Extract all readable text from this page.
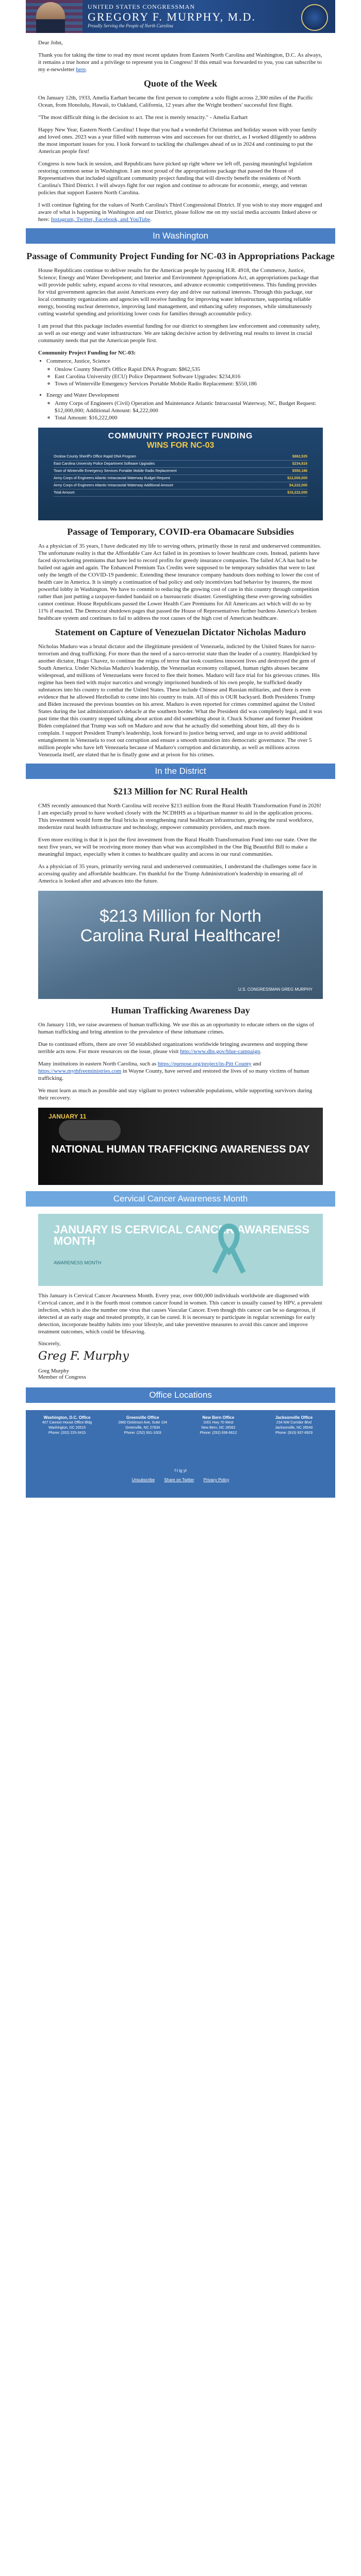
UNITED STATES CONGRESSMAN
GREGORY F. MURPHY, M.D.
Proudly Serving the People of North Carolina

Dear John,

Thank you for taking the time to read my most recent updates from Eastern North Carolina and Washington, D.C. As always, it remains a true honor and a privilege to represent you in Congress! If this email was forwarded to you, you can subscribe to my e-newsletter here.

Quote of the Week

On January 12th, 1933, Amelia Earhart became the first person to complete a solo flight across 2,300 miles of the Pacific Ocean, from Honolulu, Hawaii, to Oakland, California, 12 years after the Wright brothers' successful first flight.

"The most difficult thing is the decision to act. The rest is merely tenacity." - Amelia Earhart

Happy New Year, Eastern North Carolina! I hope that you had a wonderful Christmas and holiday season with your family and loved ones. 2023 was a year filled with numerous wins and successes for our district, as I worked diligently to address the most important issues for you. I look forward to tackling the challenges ahead of us in 2024 and continuing to put the American people first!

Congress is now back in session, and Republicans have picked up right where we left off, passing meaningful legislation restoring common sense in Washington. I am most proud of the appropriations package that passed the House of Representatives that included significant community project funding that will directly benefit the residents of North Carolina's Third District. I will always fight for our region and continue to advocate for economic, energy, and veteran policies that support Eastern North Carolina.

I will continue fighting for the values of North Carolina's Third Congressional District. If you wish to stay more engaged and aware of what is happening in Washington and our District, please follow me on my social media accounts linked above or here: Instagram, Twitter, Facebook, and YouTube.

In Washington
Passage of Community Project Funding for NC-03 in Appropriations Package

House Republicans continue to deliver results for the American people by passing H.R. 4918, the Commerce, Justice, Science; Energy and Water Development; and Interior and Environment Appropriations Act, an appropriations package that will provide public safety, expand access to vital resources, and advance economic competitiveness. This funding provides for vital government agencies that assist Americans every day and drive our national interests. Through this package, our local community organizations and agencies will receive funding for improving water infrastructure, supporting reliable energy, boosting nuclear deterrence, improving land management, and enhancing safety responses, while simultaneously cutting wasteful spending and prioritizing lower costs for families through accountable policy.

I am proud that this package includes essential funding for our district to strengthen law enforcement and community safety, as well as our energy and water infrastructure. We are taking decisive action by delivering real results to invest in crucial community needs that put the American people first.

Community Project Funding for NC-03:
• Commerce, Justice, Science
◦ Onslow County Sheriff's Office Rapid DNA Program: $862,535
◦ East Carolina University (ECU) Police Department Software Upgrades: $234,816
◦ Town of Winterville Emergency Services Portable Mobile Radio Replacement: $550,186
• Energy and Water Development
◦ Army Corps of Engineers (Civil) Operation and Maintenance Atlantic Intracoastal Waterway, NC, Budget Request: $12,000,000; Additional Amount: $4,222,000
◦ Total Amount: $16,222,000
COMMUNITY PROJECT FUNDING
WINS FOR NC-03
Onslow County Sheriff's Office Rapid DNA Program	$862,535
East Carolina University Police Department Software Upgrades	$234,816
Town of Winterville Emergency Services Portable Mobile Radio Replacement	$550,186
Army Corps of Engineers Atlantic Intracoastal Waterway Budget Request	$12,000,000
Army Corps of Engineers Atlantic Intracoastal Waterway Additional Amount	$4,222,000
Total Amount	$16,222,000
Passage of Temporary, COVID-era Obamacare Subsidies

As a physician of 35 years, I have dedicated my life to serving others, primarily those in rural and underserved communities. The unfortunate reality is that the Affordable Care Act failed in its promises to lower healthcare costs. Instead, patients have faced skyrocketing premiums that have led to record profits for greedy insurance companies. The failed ACA has had to be bailed out again and again. The Enhanced Premium Tax Credits were supposed to be temporary subsidies that were to last only the length of the COVID-19 pandemic. Extending these insurance company handouts does nothing to lower the cost of health care in America. It is simply a continuation of bad policy and only incentivizes bad behavior by insurers, the most powerful lobby in Washington. We have to commit to reducing the growing cost of care in this country through competition rather than just putting a taxpayer-funded bandaid on a bureaucratic disaster. Greenlighting these ever-growing subsidies cannot continue. House Republicans passed the Lower Health Care Premiums for All Americans act which will do so by 11% if enacted. The Democrat shutdown pages that passed the House of Representatives further burdens America's broken healthcare system and continues to fail to address the root causes of the high cost of American healthcare.

Statement on Capture of Venezuelan Dictator Nicholas Maduro

Nicholas Maduro was a brutal dictator and the illegitimate president of Venezuela, indicted by the United States for narco-terrorism and drug trafficking. For more than the need of a narco-terrorist state than the leader of a country. Handpicked by another dictator, Hugo Chavez, to continue the reigns of terror that took countless innocent lives and destroyed the gem of South America. Under Nicholas Maduro's leadership, the Venezuelan economy collapsed, human rights abuses became widespread, and millions of Venezuelans were forced to flee their homes. Maduro will face trial for his grievous crimes. His regime has been tied with major narcotics and wrongly imprisoned hundreds of his own people, he trafficked deadly substances into his country to combat the United States. These include Chinese and Russian militaries, and there is even evidence that he allowed Hezbollah to come into his country to train. All of this is OUR backyard. Both Presidents Trump and Biden increased the previous bounties on his arrest. Maduro is even reported for crimes committed against the United States during the last administration's debacle at the southern border. What the President did was completely legal, and it was past time that this country stopped talking about action and did something about it. Chuck Schumer and former President Biden complained that Trump was soft on Maduro and now that he actually did something about him, all they do is complain. I support President Trump's leadership, look forward to justice being served, and urge us to avoid additional entanglement in Venezuela to root out corruption and ensure a smooth transition into democratic governance. The over 5 million people who have left Venezuela because of Maduro's corruption and dictatorship, as well as millions across Venezuela itself, are elated that he is finally gone and at prison for his crimes.

In the District
$213 Million for NC Rural Health

CMS recently announced that North Carolina will receive $213 million from the Rural Health Transformation Fund in 2026! I am especially proud to have worked closely with the NCDHHS as a bipartisan manner to aid in the application process. This investment would form the final bricks in strengthening rural healthcare infrastructure, growing the rural workforce, modernize rural health infrastructure and technology, empower community providers, and much more.

Even more exciting is that it is just the first investment from the Rural Health Transformation Fund into our state. Over the next five years, we will be receiving more money than what was accomplished in the One Big Beautiful Bill to make a meaningful impact, especially when it comes to healthcare quality and access in our rural communities.

As a physician of 35 years, primarily serving rural and underserved communities, I understand the challenges some face in accessing quality and affordable healthcare. I'm thankful for the Trump Administration's leadership in ensuring all of America is looked after and advances into the future.

$213 Million for North Carolina Rural Healthcare!
U.S. CONGRESSMAN GREG MURPHY
Human Trafficking Awareness Day

On January 11th, we raise awareness of human trafficking. We use this as an opportunity to educate others on the signs of human trafficking and bring attention to the prevalence of these inhumane crimes.

Due to continued efforts, there are over 50 established organizations worldwide bringing awareness and stopping these terrible acts now. For more resources on the issue, please visit http://www.dhs.gov/blue-campaign.

Many institutions in eastern North Carolina, such as https://purpose.org/project/in-Pitt County and https://www.mythfreeministries.com in Wayne County, have served and restored the lives of so many victims of human trafficking.

We must learn as much as possible and stay vigilant to protect vulnerable populations, while supporting survivors during their recovery.

JANUARY 11
NATIONAL HUMAN TRAFFICKING AWARENESS DAY
Cervical Cancer Awareness Month
JANUARY IS CERVICAL CANCER AWARENESS MONTH
AWARENESS MONTH

This January is Cervical Cancer Awareness Month. Every year, over 600,000 individuals worldwide are diagnosed with Cervical cancer, and it is the fourth most common cancer found in women. This cancer is usually caused by HPV, a prevalent infection, which is also the number one virus that causes Vascular Cancer. Even though this cancer can be so dangerous, if detected at an early stage and treated promptly, it can be cured. It is necessary to participate in regular screenings for early detection, incorporate healthy habits into your lifestyle, and take preventive measures to avoid this cancer and improve treatment outcomes, which could be lifesaving.

Sincerely,
Greg F. Murphy
Greg Murphy
Member of Congress
Office Locations
Washington, D.C. Office
407 Cannon House Office Bldg
Washington, DC 20515
Phone: (202) 225-3415
Greenville Office
2860 Dickinson Ave, Suite 104
Greenville, NC 27834
Phone: (252) 931-1003
New Bern Office
1001 Hwy 70 West
New Bern, NC 28562
Phone: (252) 636-6612
Jacksonville Office
234 NW Corridor Blvd
Jacksonville, NC 28540
Phone: (910) 937-6929
f t ig yt
Unsubscribe Share on Twitter Privacy Policy
